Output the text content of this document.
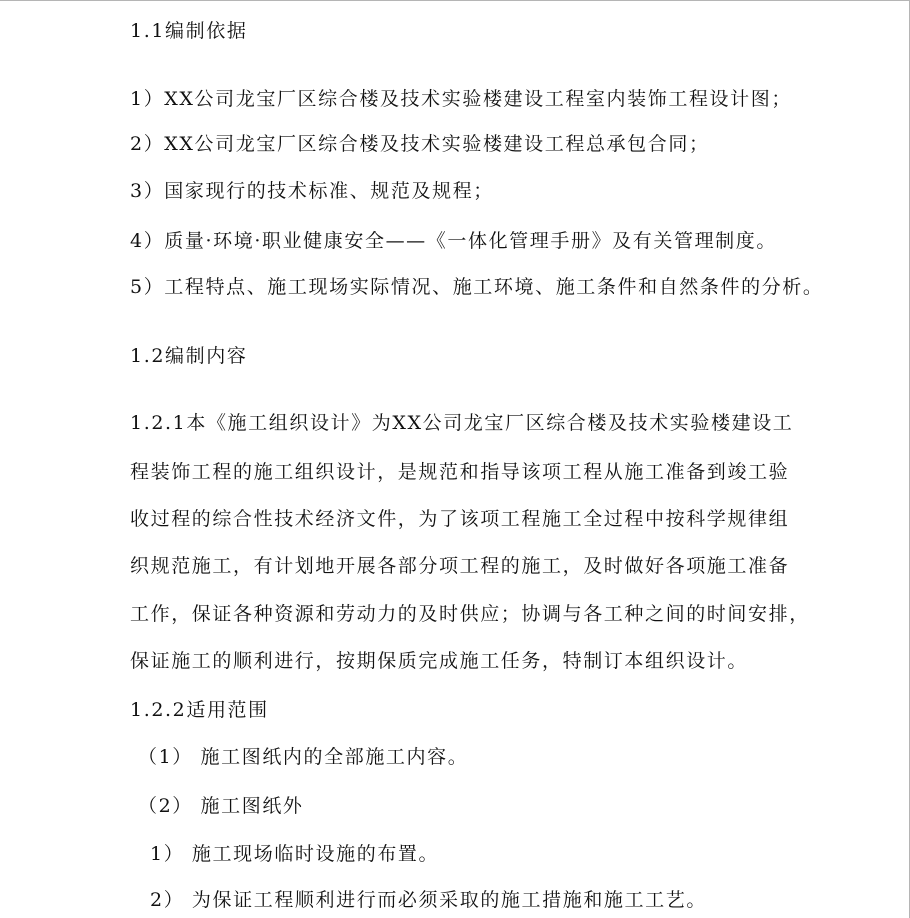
1.1编制依据
1）XX公司龙宝厂区综合楼及技术实验楼建设工程室内装饰工程设计图；
2）XX公司龙宝厂区综合楼及技术实验楼建设工程总承包合同；
3）国家现行的技术标准、规范及规程；
4）质量·环境·职业健康安全——《一体化管理手册》及有关管理制度。
5）工程特点、施工现场实际情况、施工环境、施工条件和自然条件的分析。
1.2编制内容
1.2.1本《施工组织设计》为XX公司龙宝厂区综合楼及技术实验楼建设工
程装饰工程的施工组织设计，是规范和指导该项工程从施工准备到竣工验
收过程的综合性技术经济文件，为了该项工程施工全过程中按科学规律组
织规范施工，有计划地开展各部分项工程的施工，及时做好各项施工准备
工作，保证各种资源和劳动力的及时供应；协调与各工种之间的时间安排，
保证施工的顺利进行，按期保质完成施工任务，特制订本组织设计。
1.2.2适用范围
（1） 施工图纸内的全部施工内容。
（2） 施工图纸外
1） 施工现场临时设施的布置。
2） 为保证工程顺利进行而必须采取的施工措施和施工工艺。
